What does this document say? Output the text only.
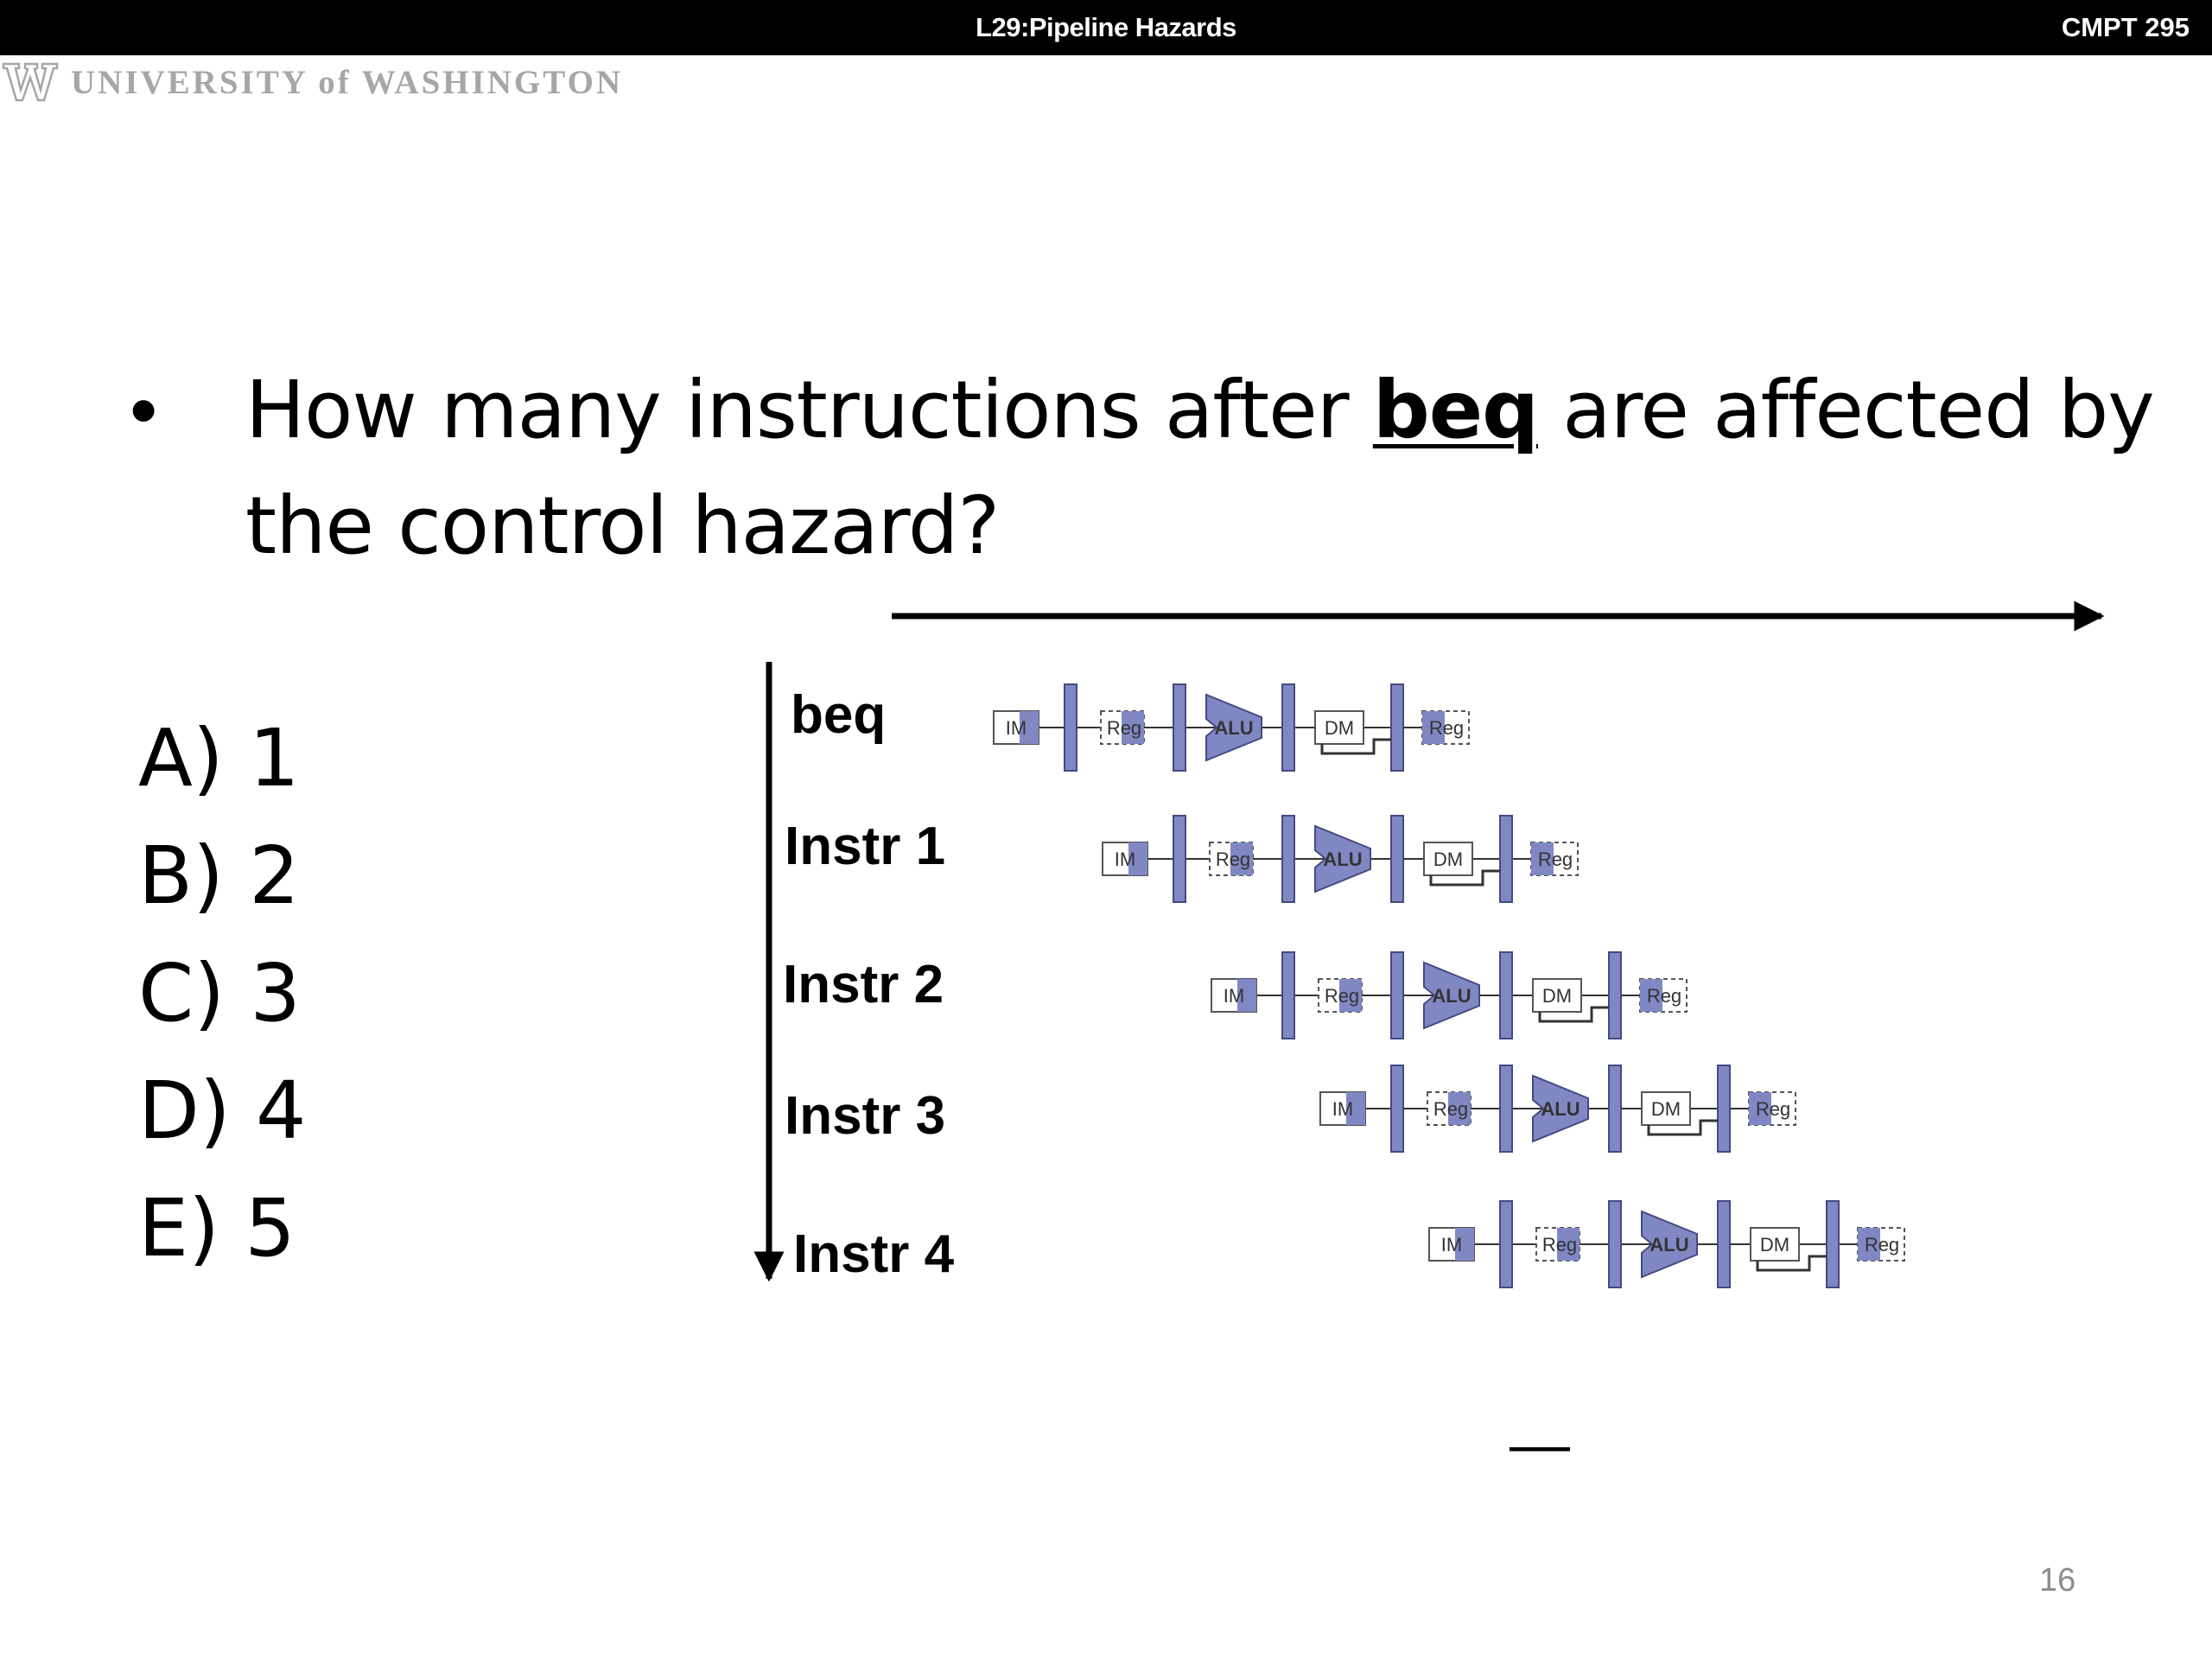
L29:Pipeline Hazards	CMPT 295
UNIVERSITY of WASHINGTON
• How many instructions after beq are affected by the control hazard?
A) 1
B) 2
C) 3
D) 4
E) 5
beq	IM	Reg	ALU	DM	Reg
Instr 1	IM	Reg	ALU	DM	Reg
Instr 2	IM	Reg	ALU	DM	Reg
Instr 3	IM	Reg	ALU	DM	Reg
Instr 4	IM	Reg	ALU	DM	Reg
—
16
